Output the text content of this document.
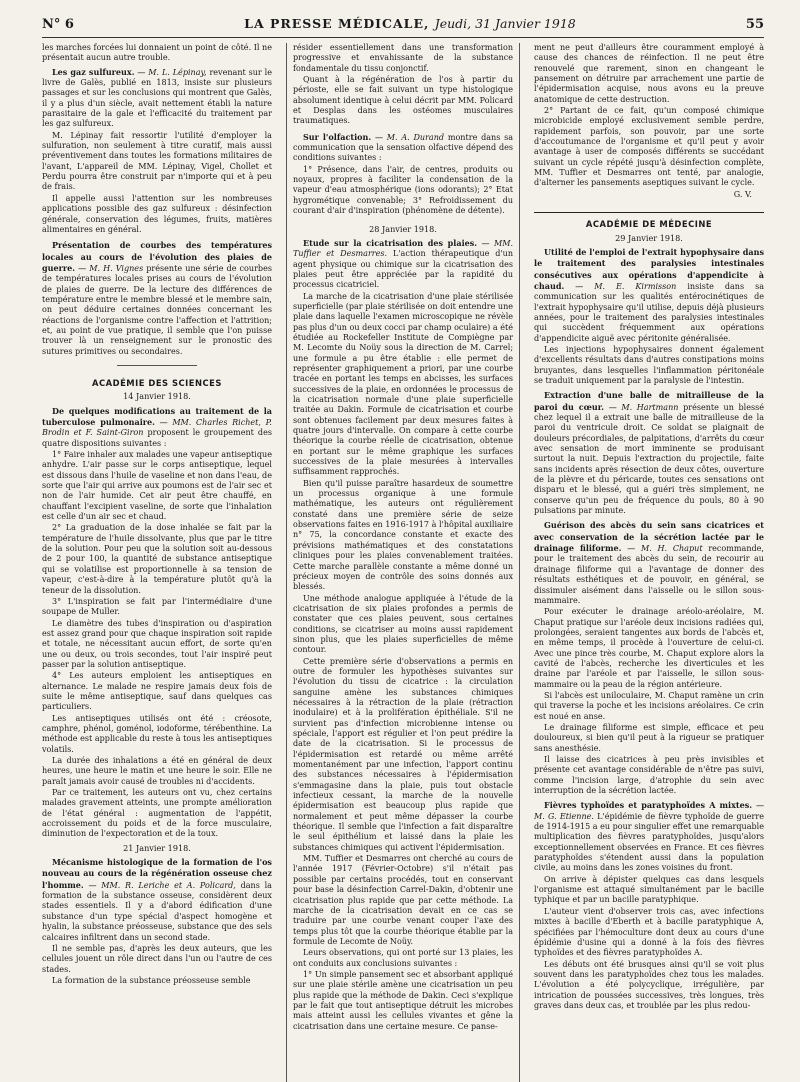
N° 6	LA PRESSE MÉDICALE, Jeudi, 31 Janvier 1918	55

les marches forcées lui donnaient un point de côté. Il ne présentait aucun autre trouble.

Les gaz sulfureux. — M. L. Lépinay, revenant sur le livre de Galès, publié en 1813, insiste sur plusieurs passages et sur les conclusions qui montrent que Galès, il y a plus d'un siècle, avait nettement établi la nature parasitaire de la gale et l'efficacité du traitement par les gaz sulfureux.

M. Lépinay fait ressortir l'utilité d'employer la sulfuration, non seulement à titre curatif, mais aussi préventivement dans toutes les formations militaires de l'avant, L'appareil de MM. Lépinay, Vigel, Chollet et Perdu pourra être construit par n'importe qui et à peu de frais.

Il appelle aussi l'attention sur les nombreuses applications possible des gaz sulfureux : désinfection générale, conservation des légumes, fruits, matières alimentaires en général.

Présentation de courbes des températures locales au cours de l'évolution des plaies de guerre. — M. H. Vignes présente une série de courbes de températures locales prises au cours de l'évolution de plaies de guerre. De la lecture des différences de température entre le membre blessé et le membre sain, on peut déduire certaines données concernant les réactions de l'organisme contre l'affection et l'attrition; et, au point de vue pratique, il semble que l'on puisse trouver là un renseignement sur le pronostic des sutures primitives ou secondaires.

ACADÉMIE DES SCIENCES
14 Janvier 1918.

De quelques modifications au traitement de la tuberculose pulmonaire. — MM. Charles Richet, P. Brodin et F. Saint-Giron proposent le groupement des quatre dispositions suivantes :

1° Faire inhaler aux malades une vapeur antiseptique anhydre. L'air passe sur le corps antiseptique, lequel est dissous dans l'huile de vaseline et non dans l'eau, de sorte que l'air qui arrive aux poumons est de l'air sec et non de l'air humide. Cet air peut être chauffé, en chauffant l'excipient vaseline, de sorte que l'inhalation est celle d'un air sec et chaud.

2° La graduation de la dose inhalée se fait par la température de l'huile dissolvante, plus que par le titre de la solution. Pour peu que la solution soit au-dessous de 2 pour 100, la quantité de substance antiseptique qui se volatilise est proportionnelle à sa tension de vapeur, c'est-à-dire à la température plutôt qu'à la teneur de la dissolution.

3° L'inspiration se fait par l'intermédiaire d'une soupape de Muller.

Le diamètre des tubes d'inspiration ou d'aspiration est assez grand pour que chaque inspiration soit rapide et totale, ne nécessitant aucun effort, de sorte qu'en une ou deux, ou trois secondes, tout l'air inspiré peut passer par la solution antiseptique.

4° Les auteurs emploient les antiseptiques en alternance. Le malade ne respire jamais deux fois de suite le même antiseptique, sauf dans quelques cas particuliers.

Les antiseptiques utilisés ont été : créosote, camphre, phénol, goménol, iodoforme, térébenthine. La méthode est applicable du reste à tous les antiseptiques volatils.

La durée des inhalations a été en général de deux heures, une heure le matin et une heure le soir. Elle ne paraît jamais avoir causé de troubles ni d'accidents.

Par ce traitement, les auteurs ont vu, chez certains malades gravement atteints, une prompte amélioration de l'état général : augmentation de l'appétit, accroissement du poids et de la force musculaire, diminution de l'expectoration et de la toux.

21 Janvier 1918.

Mécanisme histologique de la formation de l'os nouveau au cours de la régénération osseuse chez l'homme. — MM. R. Leriche et A. Policard, dans la formation de la substance osseuse, considèrent deux stades essentiels. Il y a d'abord édification d'une substance d'un type spécial d'aspect homogène et hyalin, la substance préosseuse, substance que des sels calcaires infiltrent dans un second stade.

Il ne semble pas, d'après les deux auteurs, que les cellules jouent un rôle direct dans l'un ou l'autre de ces stades.

La formation de la substance préosseuse semble

résider essentiellement dans une transformation progressive et envahissante de la substance fondamentale du tissu conjonctif.

Quant à la régénération de l'os à partir du périoste, elle se fait suivant un type histologique absolument identique à celui décrit par MM. Policard et Desplas dans les ostéomes musculaires traumatiques.

Sur l'olfaction. — M. A. Durand montre dans sa communication que la sensation olfactive dépend des conditions suivantes :

1° Présence, dans l'air, de centres, produits ou noyaux, propres à faciliter la condensation de la vapeur d'eau atmosphérique (ions odorants); 2° Etat hygrométique convenable; 3° Refroidissement du courant d'air d'inspiration (phénomène de détente).

28 Janvier 1918.

Etude sur la cicatrisation des plaies. — MM. Tuffier et Desmarres. L'action thérapeutique d'un agent physique ou chimique sur la cicatrisation des plaies peut être appréciée par la rapidité du processus cicatriciel.

La marche de la cicatrisation d'une plaie stérilisée superficielle (par plaie stérilisée on doit entendre une plaie dans laquelle l'examen microscopique ne révèle pas plus d'un ou deux cocci par champ oculaire) a été étudiée au Rockefeller Institute de Compiègne par M. Lecomte du Noüy sous la direction de M. Carrel; une formule a pu être établie : elle permet de représenter graphiquement a priori, par une courbe tracée en portant les temps en abcisses, les surfaces successives de la plaie, en ordonnées le processus de la cicatrisation normale d'une plaie superficielle traitée au Dakin. Formule de cicatrisation et courbe sont obtenues facilement par deux mesures faites à quatre jours d'intervalle. On compare à cette courbe théorique la courbe réelle de cicatrisation, obtenue en portant sur le même graphique les surfaces successives de la plaie mesurées à intervalles suffisamment rapprochés.

Bien qu'il puisse paraître hasardeux de soumettre un processus organique à une formule mathématique, les auteurs ont régulièrement constaté dans une première série de seize observations faites en 1916-1917 à l'hôpital auxiliaire n° 75, la concordance constante et exacte des prévisions mathématiques et des constatations cliniques pour les plaies convenablement traitées. Cette marche parallèle constante a même donné un précieux moyen de contrôle des soins donnés aux blessés.

Une méthode analogue appliquée à l'étude de la cicatrisation de six plaies profondes a permis de constater que ces plaies peuvent, sous certaines conditions, se cicatriser au moins aussi rapidement sinon plus, que les plaies superficielles de même contour.

Cette première série d'observations a permis en outre de formuler les hypothèses suivantes sur l'évolution du tissu de cicatrice : la circulation sanguine amène les substances chimiques nécessaires à la rétraction de la plaie (rétraction inodulaire) et à la prolifération épithéliale. S'il ne survient pas d'infection microbienne intense ou spéciale, l'apport est régulier et l'on peut prédire la date de la cicatrisation. Si le processus de l'épidermisation est retardé ou même arrêté momentanément par une infection, l'apport continu des substances nécessaires à l'épidermisation s'emmagasine dans la plaie, puis tout obstacle infectieux cessant, la marche de la nouvelle épidermisation est beaucoup plus rapide que normalement et peut même dépasser la courbe théorique. Il semble que l'infection a fait disparaître le seul épithélium et laissé dans la plaie les substances chimiques qui activent l'épidermisation.

MM. Tuffier et Desmarres ont cherché au cours de l'année 1917 (Février-Octobre) s'il n'était pas possible par certains procédés, tout en conservant pour base la désinfection Carrel-Dakin, d'obtenir une cicatrisation plus rapide que par cette méthode. La marche de la cicatrisation devait en ce cas se traduire par une courbe venant couper l'axe des temps plus tôt que la courbe théorique établie par la formule de Lecomte de Noüy.

Leurs observations, qui ont porté sur 13 plaies, les ont conduits aux conclusions suivantes :

1° Un simple pansement sec et absorbant appliqué sur une plaie stérile amène une cicatrisation un peu plus rapide que la méthode de Dakin. Ceci s'explique par le fait que tout antiseptique détruit les microbes mais atteint aussi les cellules vivantes et gêne la cicatrisation dans une certaine mesure. Ce panse-

ment ne peut d'ailleurs être couramment employé à cause des chances de réinfection. Il ne peut être renouvelé que rarement, sinon en changeant le pansement on détruire par arrachement une partie de l'épidermisation acquise, nous avons eu la preuve anatomique de cette destruction.

2° Partant de ce fait, qu'un composé chimique microbicide employé exclusivement semble perdre, rapidement parfois, son pouvoir, par une sorte d'accoutumance de l'organisme et qu'il peut y avoir avantage à user de composés différents se succédant suivant un cycle répété jusqu'à désinfection complète, MM. Tuffier et Desmarres ont tenté, par analogie, d'alterner les pansements aseptiques suivant le cycle.

G. V.
ACADÉMIE DE MÉDECINE
29 Janvier 1918.

Utilité de l'emploi de l'extrait hypophysaire dans le traitement des paralysies intestinales consécutives aux opérations d'appendicite à chaud. — M. E. Kirmisson insiste dans sa communication sur les qualités entérocinétiques de l'extrait hypophysaire qu'il utilise, depuis déjà plusieurs années, pour le traitement des paralysies intestinales qui succèdent fréquemment aux opérations d'appendicite aiguë avec péritonite généralisée.

Les injections hypophysaires donnent également d'excellents résultats dans d'autres constipations moins bruyantes, dans lesquelles l'inflammation péritonéale se traduit uniquement par la paralysie de l'intestin.

Extraction d'une balle de mitrailleuse de la paroi du cœur. — M. Hartmann présente un blessé chez lequel il a extrait une balle de mitrailleuse de la paroi du ventricule droit. Ce soldat se plaignait de douleurs précordiales, de palpitations, d'arrêts du cœur avec sensation de mort imminente se produisant surtout la nuit. Depuis l'extraction du projectile, faite sans incidents après résection de deux côtes, ouverture de la plèvre et du péricarde, toutes ces sensations ont disparu et le blessé, qui a guéri très simplement, ne conserve qu'un peu de fréquence du pouls, 80 à 90 pulsations par minute.

Guérison des abcès du sein sans cicatrices et avec conservation de la sécrétion lactée par le drainage filiforme. — M. H. Chaput recommande, pour le traitement des abcès du sein, de recourir au drainage filiforme qui a l'avantage de donner des résultats esthétiques et de pouvoir, en général, se dissimuler aisément dans l'aisselle ou le sillon sous-mammaire.

Pour exécuter le drainage aréolo-aréolaire, M. Chaput pratique sur l'aréole deux incisions radiées qui, prolongées, seraient tangentes aux bords de l'abcès et, en même temps, il procède à l'ouverture de celui-ci. Avec une pince très courbe, M. Chaput explore alors la cavité de l'abcès, recherche les diverticules et les draine par l'aréole et par l'aisselle, le sillon sous-mammaire ou la peau de la région antérieure.

Si l'abcès est uniloculaire, M. Chaput ramène un crin qui traverse la poche et les incisions aréolaires. Ce crin est noué en anse.

Le drainage filiforme est simple, efficace et peu douloureux, si bien qu'il peut à la rigueur se pratiquer sans anesthésie.

Il laisse des cicatrices à peu près invisibles et présente cet avantage considérable de n'être pas suivi, comme l'incision large, d'atrophie du sein avec interruption de la sécrétion lactée.

Fièvres typhoïdes et paratyphoïdes A mixtes. — M. G. Etienne. L'épidémie de fièvre typhoïde de guerre de 1914-1915 a eu pour singulier effet une remarquable multiplication des fièvres paratyphoïdes, jusqu'alors exceptionnellement observées en France. Et ces fièvres paratyphoïdes s'étendent aussi dans la population civile, au moins dans les zones voisines du front.

On arrive à dépister quelques cas dans lesquels l'organisme est attaqué simultanément par le bacille typhique et par un bacille paratyphique.

L'auteur vient d'observer trois cas, avec infections mixtes à bacille d'Eberth et à bacille paratyphique A, spécifiées par l'hémoculture dont deux au cours d'une épidémie d'usine qui a donné à la fois des fièvres typhoïdes et des fièvres paratyphoïdes A.

Les débuts ont été brusques ainsi qu'il se voit plus souvent dans les paratyphoïdes chez tous les malades. L'évolution a été polycyclique, irrégulière, par intrication de poussées successives, très longues, très graves dans deux cas, et troublée par les plus redou-
